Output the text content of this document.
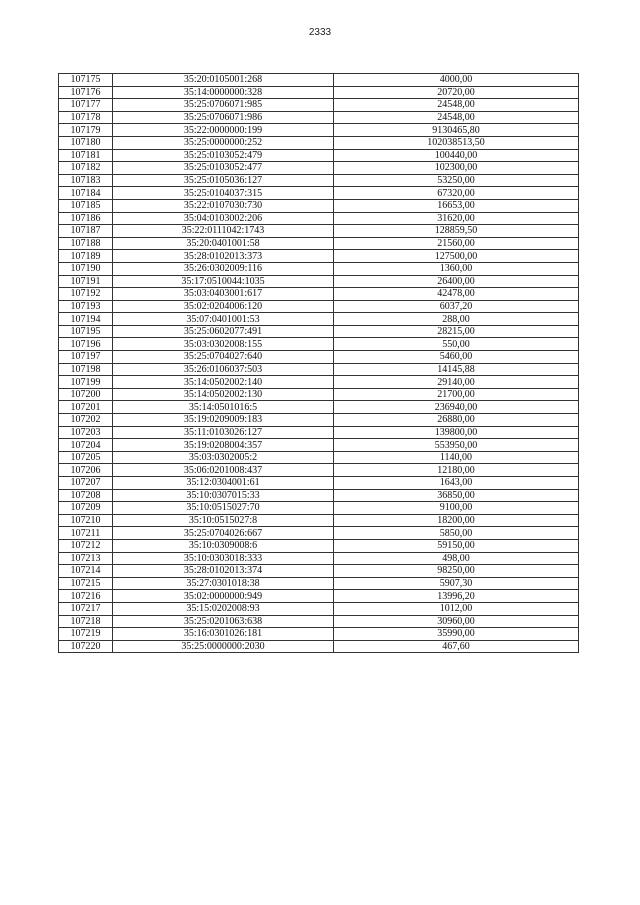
2333
107175	35:20:0105001:268	4000,00
107176	35:14:0000000:328	20720,00
107177	35:25:0706071:985	24548,00
107178	35:25:0706071:986	24548,00
107179	35:22:0000000:199	9130465,80
107180	35:25:0000000:252	102038513,50
107181	35:25:0103052:479	100440,00
107182	35:25:0103052:477	102300,00
107183	35:25:0105036:127	53250,00
107184	35:25:0104037:315	67320,00
107185	35:22:0107030:730	16653,00
107186	35:04:0103002:206	31620,00
107187	35:22:0111042:1743	128859,50
107188	35:20:0401001:58	21560,00
107189	35:28:0102013:373	127500,00
107190	35:26:0302009:116	1360,00
107191	35:17:0510044:1035	26400,00
107192	35:03:0403001:617	42478,00
107193	35:02:0204006:120	6037,20
107194	35:07:0401001:53	288,00
107195	35:25:0602077:491	28215,00
107196	35:03:0302008:155	550,00
107197	35:25:0704027:640	5460,00
107198	35:26:0106037:503	14145,88
107199	35:14:0502002:140	29140,00
107200	35:14:0502002:130	21700,00
107201	35:14:0501016:5	236940,00
107202	35:19:0209009:183	26880,00
107203	35:11:0103026:127	139800,00
107204	35:19:0208004:357	553950,00
107205	35:03:0302005:2	1140,00
107206	35:06:0201008:437	12180,00
107207	35:12:0304001:61	1643,00
107208	35:10:0307015:33	36850,00
107209	35:10:0515027:70	9100,00
107210	35:10:0515027:8	18200,00
107211	35:25:0704026:667	5850,00
107212	35:10:0309008:6	59150,00
107213	35:10:0303018:333	498,00
107214	35:28:0102013:374	98250,00
107215	35:27:0301018:38	5907,30
107216	35:02:0000000:949	13996,20
107217	35:15:0202008:93	1012,00
107218	35:25:0201063:638	30960,00
107219	35:16:0301026:181	35990,00
107220	35:25:0000000:2030	467,60
